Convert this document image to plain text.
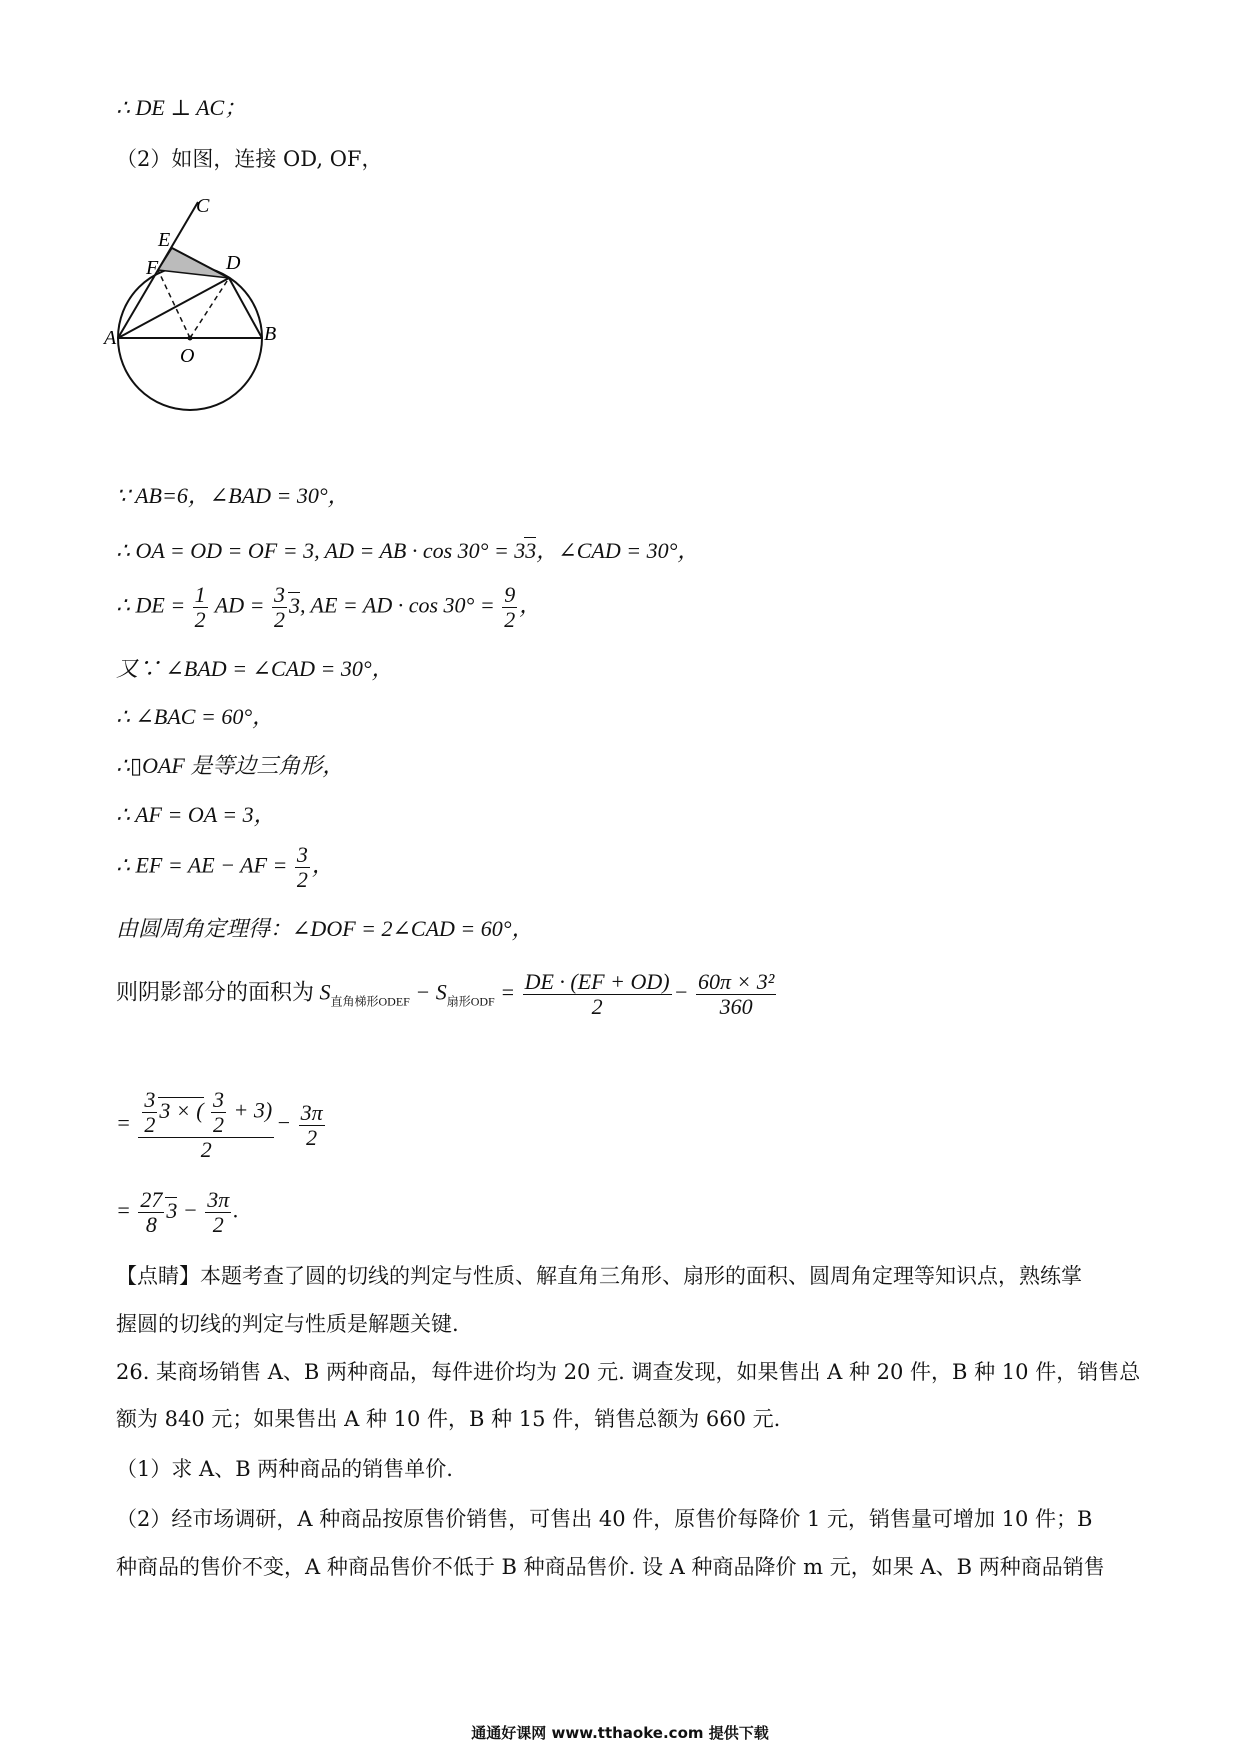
∴ DE ⊥ AC；
（2）如图，连接 OD, OF，
C
E
F	D
A	B
O
∵ AB=6，∠BAD = 30°，
∴ OA = OD = OF = 3, AD = AB · cos 30° = 33，∠CAD = 30°，
∴ DE = $\frac{1}{2}$ AD = $\frac{3}{2} 3$, AE = AD · $\cos 30^\circ = \frac{9}{2}$ ，
又∵ ∠BAD = ∠CAD = 30°，
∴ ∠BAC = 60°，
∴▯OAF 是等边三角形，
∴ AF = OA = 3，
∴ EF = AE − AF = $\frac{3}{2}$ ，
由圆周角定理得：∠DOF = 2∠CAD = 60°，
则阴影部分的面积为 $S_{直角梯形ODEF} - S_{扇形ODF} = \frac{DE \cdot (EF + OD)}{2} - \frac{\text{60π × 3²}}{360}$
= $\frac{\frac{3}{2} 3 \times ( \frac{3}{2} + 3)}{2} - \frac{3\pi}{2}$
= $\frac{27}{8} 3 - \frac{3\pi}{2}$ .
【点睛】本题考查了圆的切线的判定与性质、解直角三角形、扇形的面积、圆周角定理等知识点，熟练掌
握圆的切线的判定与性质是解题关键.
26. 某商场销售 A、B 两种商品，每件进价均为 20 元. 调查发现，如果售出 A 种 20 件，B 种 10 件，销售总
额为 840 元；如果售出 A 种 10 件，B 种 15 件，销售总额为 660 元.
（1）求 A、B 两种商品的销售单价.
（2）经市场调研，A 种商品按原售价销售，可售出 40 件，原售价每降价 1 元，销售量可增加 10 件；B
种商品的售价不变，A 种商品售价不低于 B 种商品售价. 设 A 种商品降价 m 元，如果 A、B 两种商品销售
通通好课网 www.tthaoke.com 提供下载
